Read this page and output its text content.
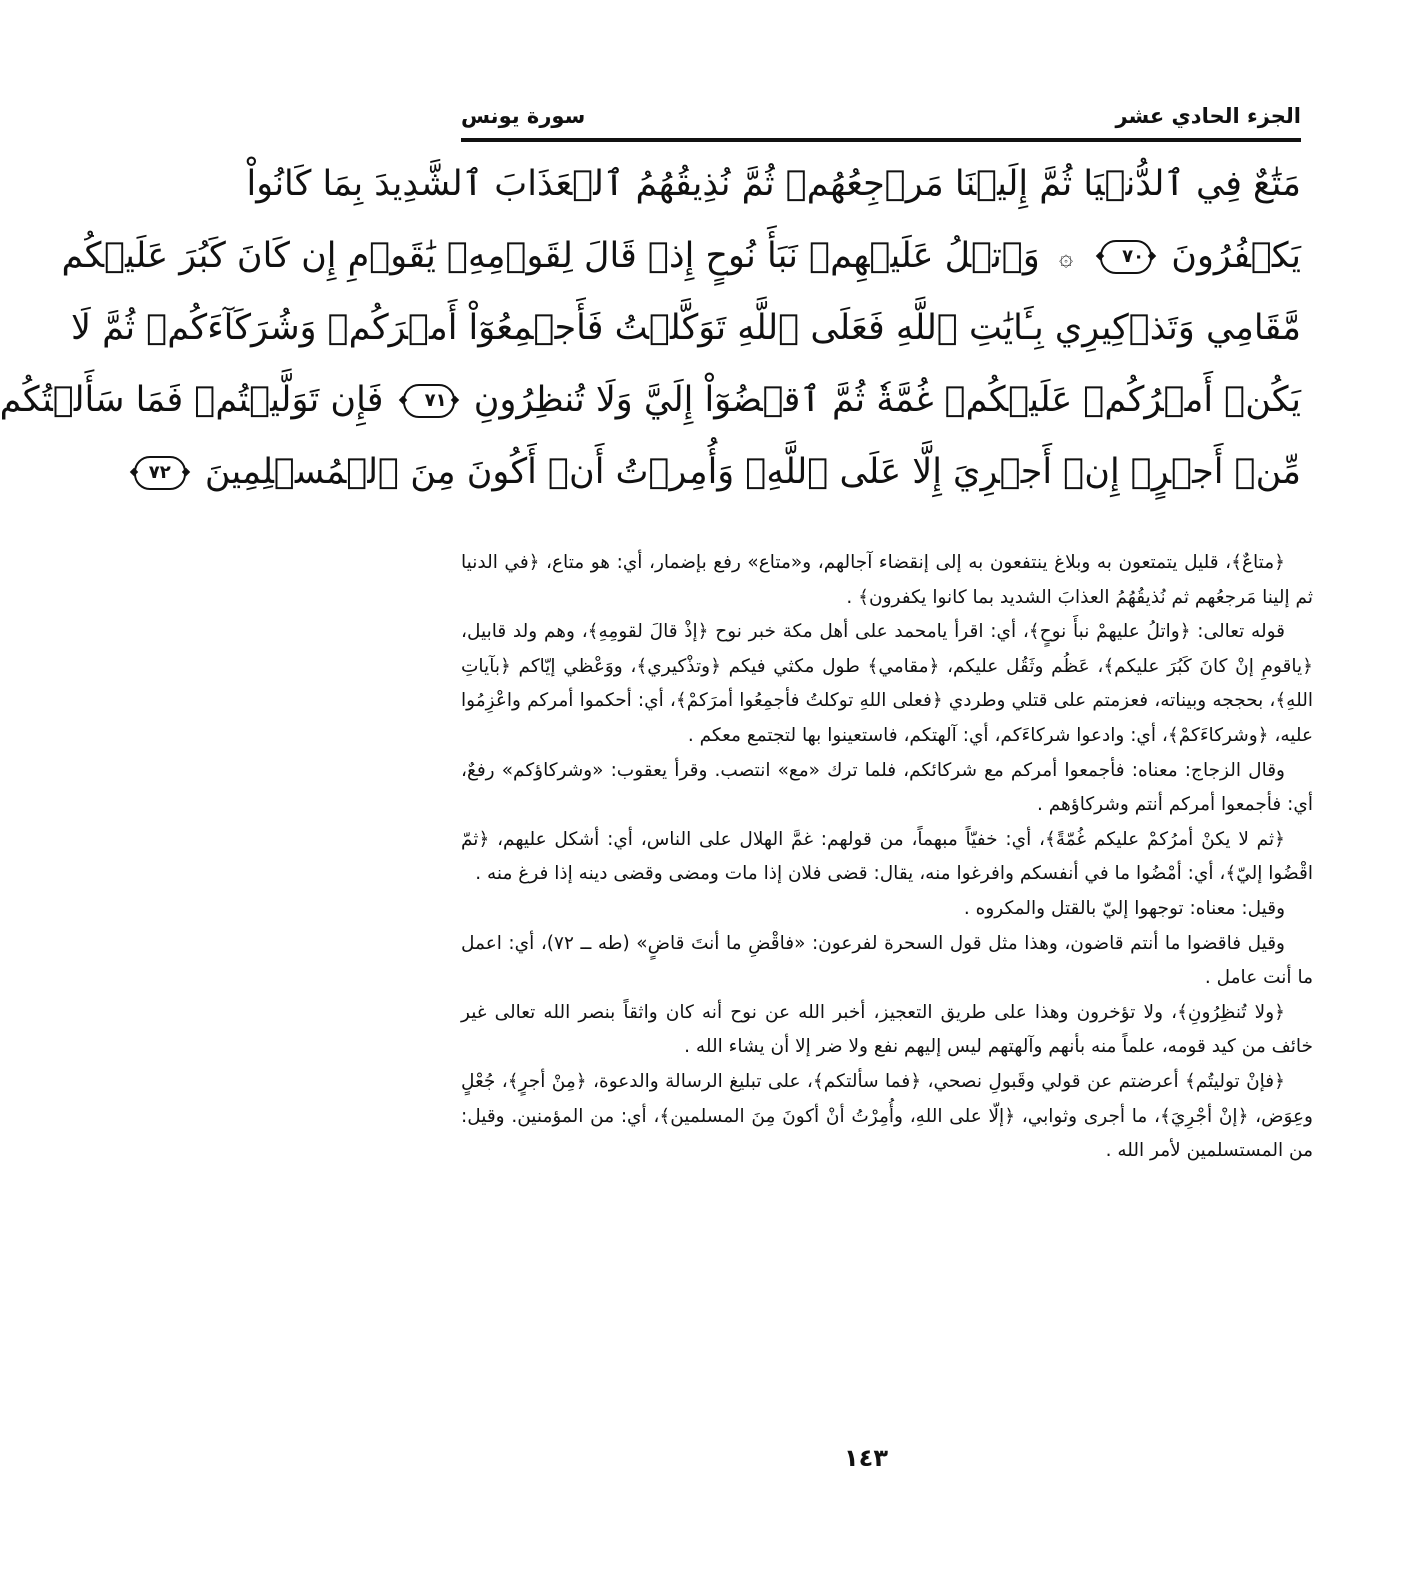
الجزء الحادي عشر
سورة يونس
مَتَٰعٌ فِي ٱلدُّنۡيَا ثُمَّ إِلَيۡنَا مَرۡجِعُهُمۡ ثُمَّ نُذِيقُهُمُ ٱلۡعَذَابَ ٱلشَّدِيدَ بِمَا كَانُواْ
يَكۡفُرُونَ ٧٠ ۞ وَٱتۡلُ عَلَيۡهِمۡ نَبَأَ نُوحٍ إِذۡ قَالَ لِقَوۡمِهِۦ يَٰقَوۡمِ إِن كَانَ كَبُرَ عَلَيۡكُم
مَّقَامِي وَتَذۡكِيرِي بِـَٔايَٰتِ ٱللَّهِ فَعَلَى ٱللَّهِ تَوَكَّلۡتُ فَأَجۡمِعُوٓاْ أَمۡرَكُمۡ وَشُرَكَآءَكُمۡ ثُمَّ لَا
يَكُنۡ أَمۡرُكُمۡ عَلَيۡكُمۡ غُمَّةٗ ثُمَّ ٱقۡضُوٓاْ إِلَيَّ وَلَا تُنظِرُونِ ٧١ فَإِن تَوَلَّيۡتُمۡ فَمَا سَأَلۡتُكُم
مِّنۡ أَجۡرٍۖ إِنۡ أَجۡرِيَ إِلَّا عَلَى ٱللَّهِۖ وَأُمِرۡتُ أَنۡ أَكُونَ مِنَ ٱلۡمُسۡلِمِينَ ٧٢

﴿متاعٌ﴾، قليل يتمتعون به وبلاغ ينتفعون به إلى إنقضاء آجالهم، و«متاع» رفع بإضمار، أي: هو متاع، ﴿في الدنيا ثم إلينا مَرجعُهم ثم نُذيقُهُمُ العذابَ الشديد بما كانوا يكفرون﴾ .

قوله تعالى: ﴿واتلُ عليهمْ نبأَ نوحٍ﴾، أي: اقرأ يامحمد على أهل مكة خبر نوح ﴿إذْ قالَ لقومِهِ﴾، وهم ولد قابيل، ﴿ياقومِ إنْ كانَ كَبُرَ عليكم﴾، عَظُم وثَقُل عليكم، ﴿مقامي﴾ طول مكثي فيكم ﴿وتذْكيري﴾، ووَعْظي إيّاكم ﴿بآياتِ اللهِ﴾، بحججه وبيناته، فعزمتم على قتلي وطردي ﴿فعلى اللهِ توكلتُ فأجمِعُوا أمرَكمْ﴾، أي: أحكموا أمركم واعْزِمُوا عليه، ﴿وشركاءَكمْ﴾، أي: وادعوا شركاءَكم، أي: آلهتكم، فاستعينوا بها لتجتمع معكم .

وقال الزجاج: معناه: فأجمعوا أمركم مع شركائكم، فلما ترك «مع» انتصب. وقرأ يعقوب: «وشركاؤكم» رفعٌ، أي: فأجمعوا أمركم أنتم وشركاؤهم .

﴿ثم لا يكنْ أمرُكمْ عليكم غُمّةً﴾، أي: خفيّاً مبهماً، من قولهم: غمَّ الهلال على الناس، أي: أشكل عليهم، ﴿ثمّ اقْضُوا إليّ﴾، أي: أمْضُوا ما في أنفسكم وافرغوا منه، يقال: قضى فلان إذا مات ومضى وقضى دينه إذا فرغ منه .

وقيل: معناه: توجهوا إليّ بالقتل والمكروه .

وقيل فاقضوا ما أنتم قاضون، وهذا مثل قول السحرة لفرعون: «فاقْضِ ما أنتَ قاضٍ» (طه ــ ٧٢)، أي: اعمل ما أنت عامل .

﴿ولا تُنظِرُونِ﴾، ولا تؤخرون وهذا على طريق التعجيز، أخبر الله عن نوح أنه كان واثقاً بنصر الله تعالى غير خائف من كيد قومه، علماً منه بأنهم وآلهتهم ليس إليهم نفع ولا ضر إلا أن يشاء الله .

﴿فإنْ توليتُم﴾ أعرضتم عن قولي وقَبولِ نصحي، ﴿فما سألتكم﴾، على تبليغ الرسالة والدعوة، ﴿مِنْ أجرٍ﴾، جُعْلٍ وعِوَض، ﴿إنْ أجْرِيَ﴾، ما أجرى وثوابي، ﴿إلّا على اللهِ، وأُمِرْتُ أنْ أكونَ مِنَ المسلمين﴾، أي: من المؤمنين. وقيل: من المستسلمين لأمر الله .

١٤٣
